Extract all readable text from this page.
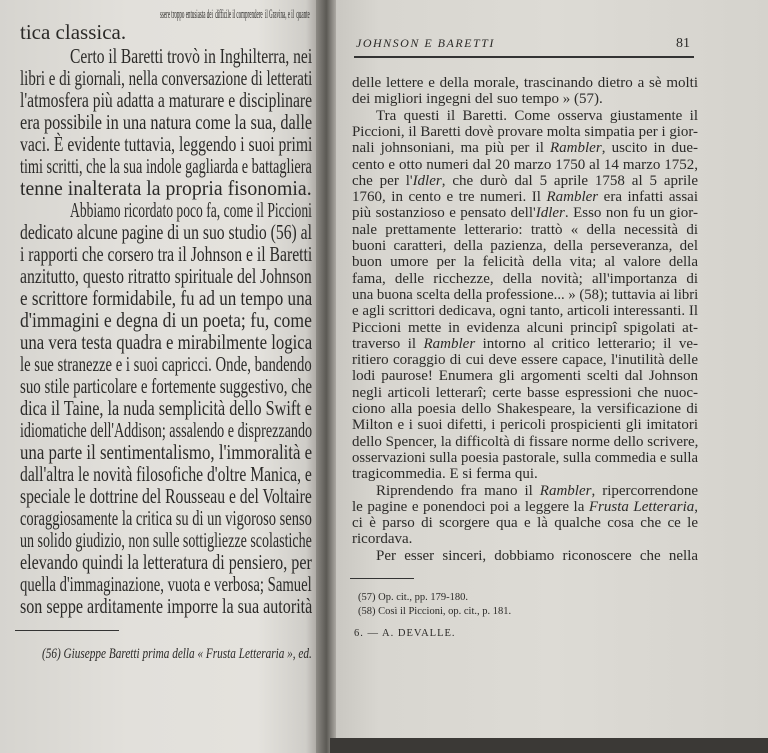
ssere troppo entusiasta dei difficile il comprendere il Gravina, e il quante
tica classica.
Certo il Baretti trovò in Inghilterra, nei
libri e di giornali, nella conversazione di letterati
l'atmosfera più adatta a maturare e disciplinare
era possibile in una natura come la sua, dalle
vaci. È evidente tuttavia, leggendo i suoi primi
timi scritti, che la sua indole gagliarda e battagliera
tenne inalterata la propria fisonomia.
Abbiamo ricordato poco fa, come il Piccioni
dedicato alcune pagine di un suo studio (56) al
i rapporti che corsero tra il Johnson e il Baretti
anzitutto, questo ritratto spirituale del Johnson
e scrittore formidabile, fu ad un tempo una
d'immagini e degna di un poeta; fu, come
una vera testa quadra e mirabilmente logica
le sue stranezze e i suoi capricci. Onde, bandendo
suo stile particolare e fortemente suggestivo, che
dica il Taine, la nuda semplicità dello Swift e
idiomatiche dell'Addison; assalendo e disprezzando
una parte il sentimentalismo, l'immoralità e
dall'altra le novità filosofiche d'oltre Manica, e
speciale le dottrine del Rousseau e del Voltaire
coraggiosamente la critica su di un vigoroso senso
un solido giudizio, non sulle sottigliezze scolastiche
elevando quindi la letteratura di pensiero, per
quella d'immaginazione, vuota e verbosa; Samuel
son seppe arditamente imporre la sua autorità
(56) Giuseppe Baretti prima della « Frusta Letteraria », ed.
JOHNSON E BARETTI	81
delle lettere e della morale, trascinando dietro a sè molti
dei migliori ingegni del suo tempo » (57).
Tra questi il Baretti. Come osserva giustamente il
Piccioni, il Baretti dovè provare molta simpatia per i gior-
nali johnsoniani, ma più per il Rambler, uscito in due-
cento e otto numeri dal 20 marzo 1750 al 14 marzo 1752,
che per l'Idler, che durò dal 5 aprile 1758 al 5 aprile
1760, in cento e tre numeri. Il Rambler era infatti assai
più sostanzioso e pensato dell'Idler. Esso non fu un gior-
nale prettamente letterario: trattò « della necessità di
buoni caratteri, della pazienza, della perseveranza, del
buon umore per la felicità della vita; al valore della
fama, delle ricchezze, della novità; all'importanza di
una buona scelta della professione... » (58); tuttavia ai libri
e agli scrittori dedicava, ogni tanto, articoli interessanti. Il
Piccioni mette in evidenza alcuni principî spigolati at-
traverso il Rambler intorno al critico letterario; il ve-
ritiero coraggio di cui deve essere capace, l'inutilità delle
lodi paurose! Enumera gli argomenti scelti dal Johnson
negli articoli letterarî; certe basse espressioni che nuoc-
ciono alla poesia dello Shakespeare, la versificazione di
Milton e i suoi difetti, i pericoli prospicienti gli imitatori
dello Spencer, la difficoltà di fissare norme dello scrivere,
osservazioni sulla poesia pastorale, sulla commedia e sulla
tragicommedia. E si ferma qui.
Riprendendo fra mano il Rambler, ripercorrendone
le pagine e ponendoci poi a leggere la Frusta Letteraria,
ci è parso di scorgere qua e là qualche cosa che ce le
ricordava.
Per esser sinceri, dobbiamo riconoscere che nella
(57) Op. cit., pp. 179-180.
(58) Così il Piccioni, op. cit., p. 181.
6. — A. DEVALLE.
